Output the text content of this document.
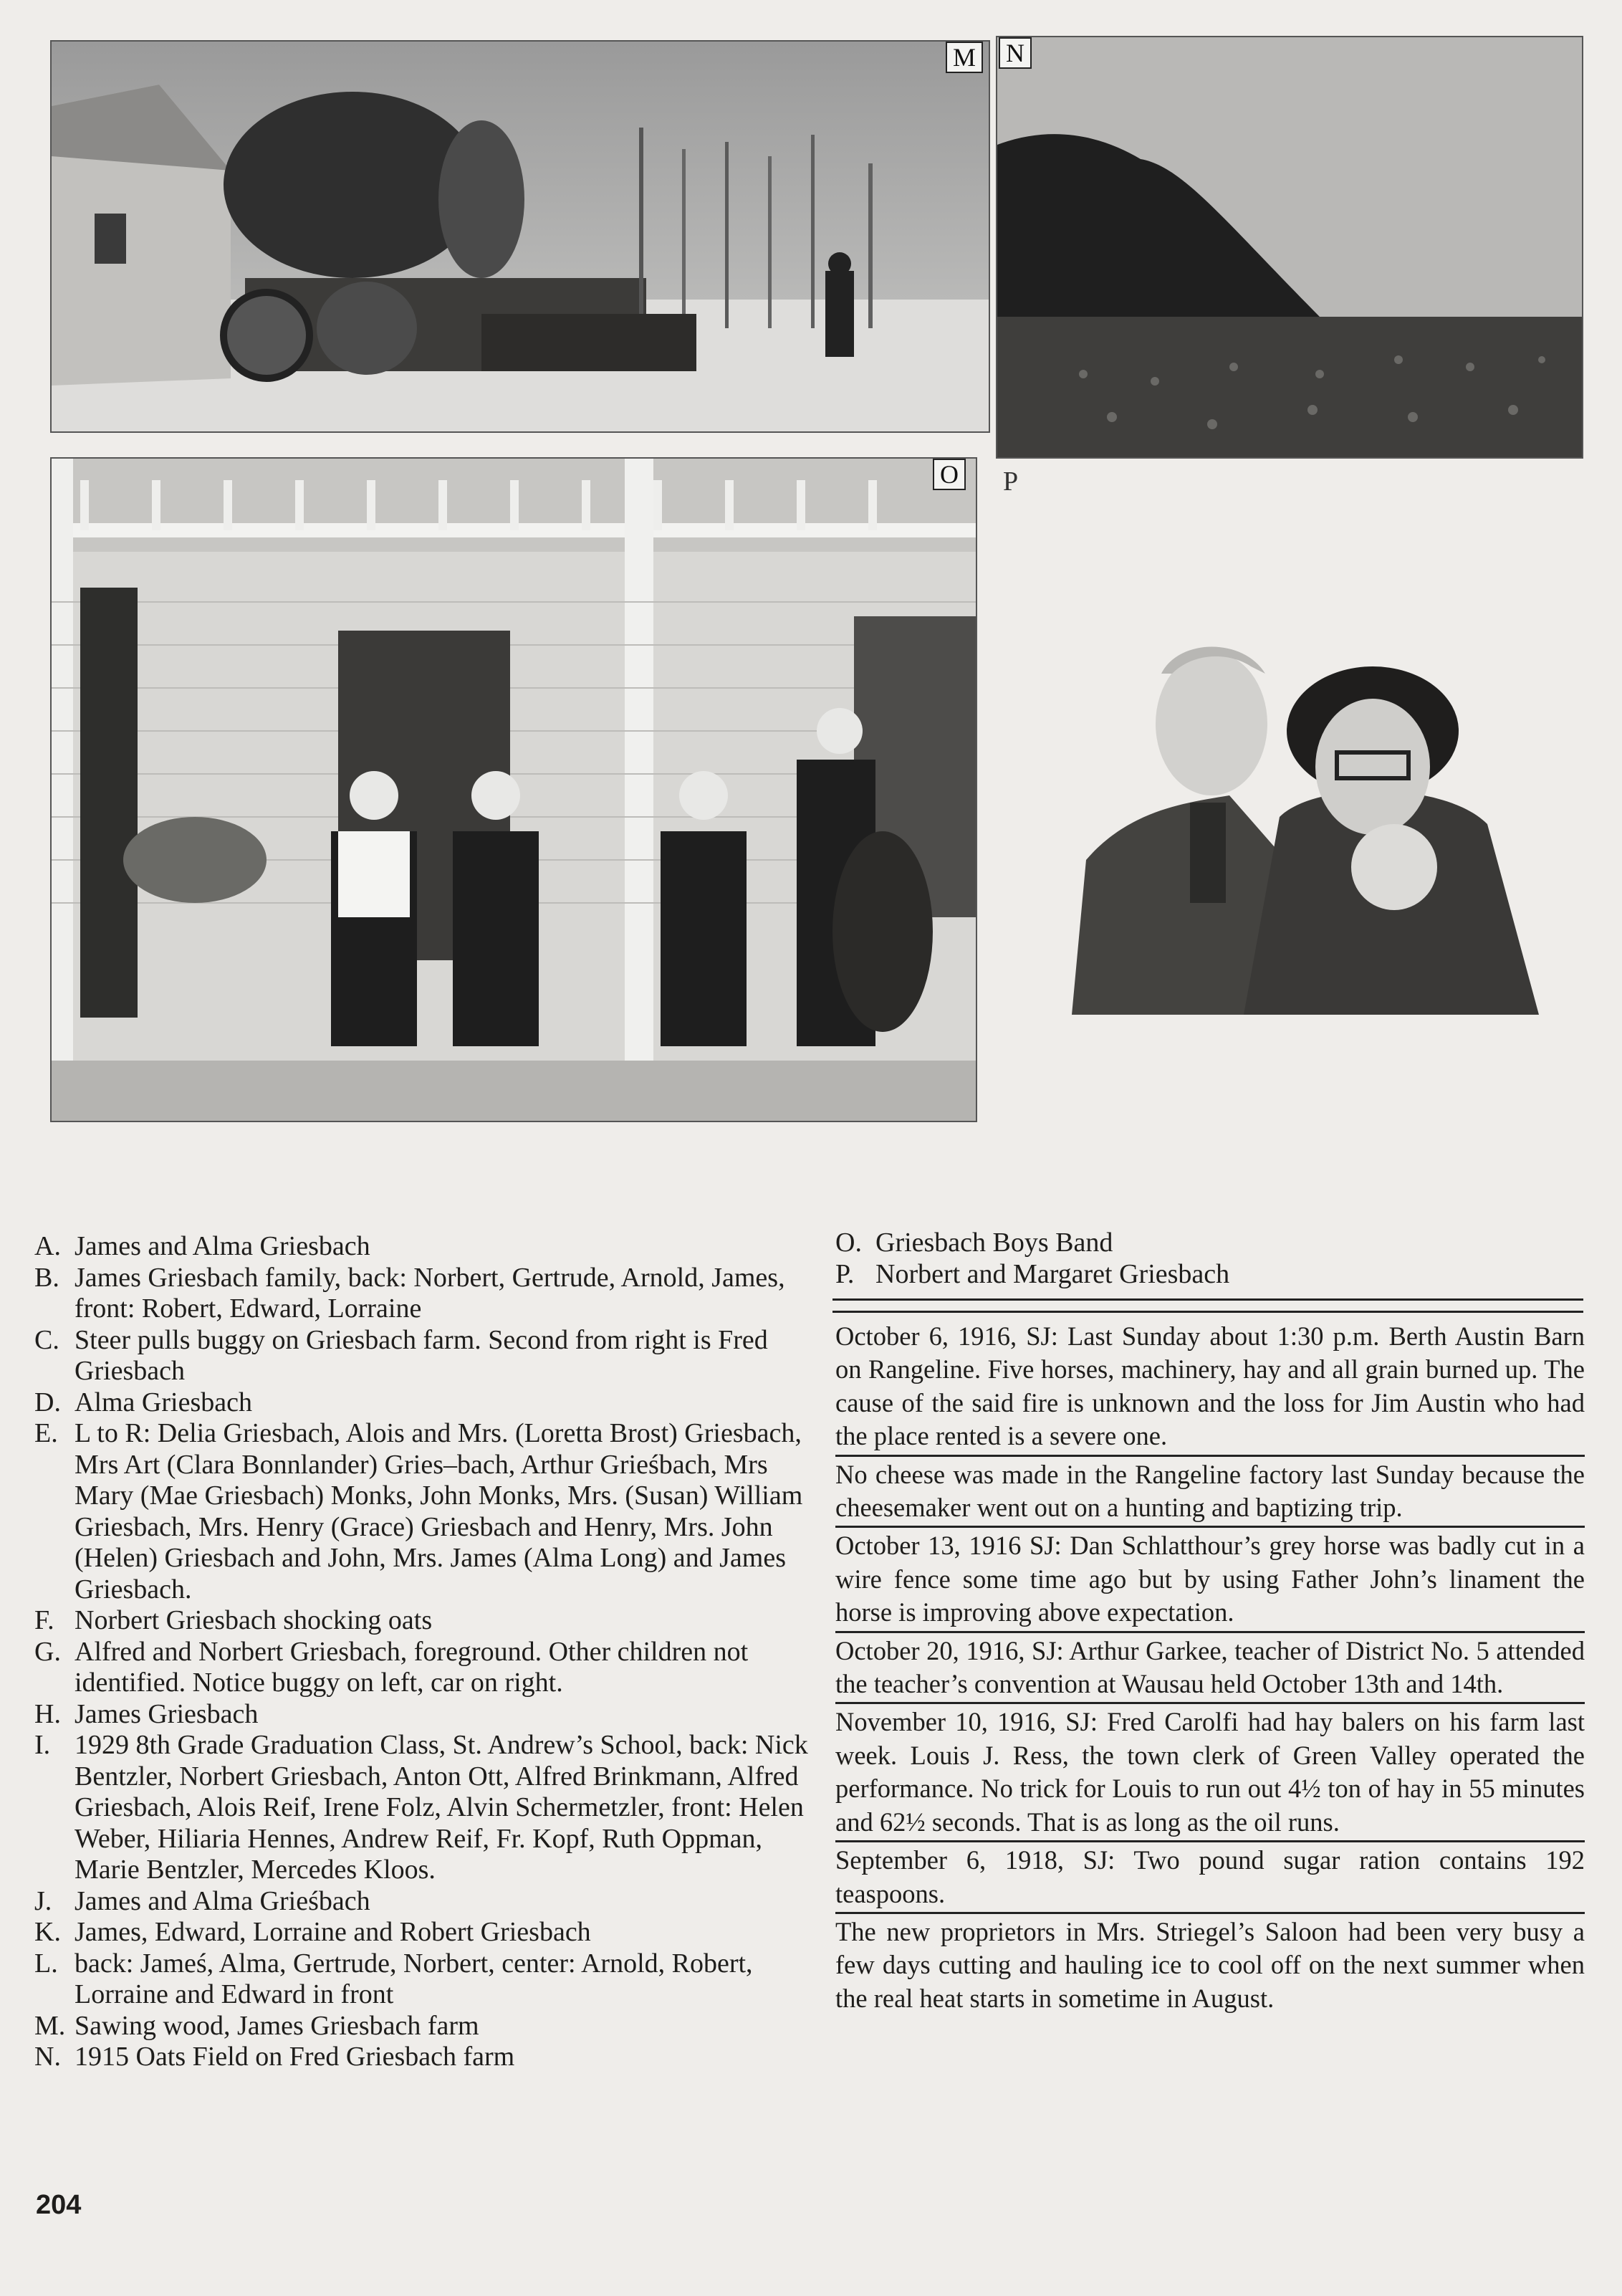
M N
O P
A. James and Alma Griesbach
B. James Griesbach family, back: Norbert, Gertrude, Arnold, James, front: Robert, Edward, Lorraine
C. Steer pulls buggy on Griesbach farm. Second from right is Fred Griesbach
D. Alma Griesbach
E. L to R: Delia Griesbach, Alois and Mrs. (Loretta Brost) Griesbach, Mrs Art (Clara Bonnlander) Gries–bach, Arthur Grieśbach, Mrs Mary (Mae Griesbach) Monks, John Monks, Mrs. (Susan) William Griesbach, Mrs. Henry (Grace) Griesbach and Henry, Mrs. John (Helen) Griesbach and John, Mrs. James (Alma Long) and James Griesbach.
F. Norbert Griesbach shocking oats
G. Alfred and Norbert Griesbach, foreground. Other children not identified. Notice buggy on left, car on right.
H. James Griesbach
I. 1929 8th Grade Graduation Class, St. Andrew’s School, back: Nick Bentzler, Norbert Griesbach, Anton Ott, Alfred Brinkmann, Alfred Griesbach, Alois Reif, Irene Folz, Alvin Schermetzler, front: Helen Weber, Hiliaria Hennes, Andrew Reif, Fr. Kopf, Ruth Oppman, Marie Bentzler, Mercedes Kloos.
J. James and Alma Grieśbach
K. James, Edward, Lorraine and Robert Griesbach
L. back: Jameś, Alma, Gertrude, Norbert, center: Arnold, Robert, Lorraine and Edward in front
M. Sawing wood, James Griesbach farm
N. 1915 Oats Field on Fred Griesbach farm
O. Griesbach Boys Band
P. Norbert and Margaret Griesbach

October 6, 1916, SJ: Last Sunday about 1:30 p.m. Berth Austin Barn on Rangeline. Five horses, machinery, hay and all grain burned up. The cause of the said fire is unknown and the loss for Jim Austin who had the place rented is a severe one.

No cheese was made in the Rangeline factory last Sunday because the cheesemaker went out on a hunting and baptizing trip.

October 13, 1916 SJ: Dan Schlatthour’s grey horse was badly cut in a wire fence some time ago but by using Father John’s linament the horse is improving above expectation.

October 20, 1916, SJ: Arthur Garkee, teacher of District No. 5 attended the teacher’s convention at Wausau held October 13th and 14th.

November 10, 1916, SJ: Fred Carolfi had hay balers on his farm last week. Louis J. Ress, the town clerk of Green Valley operated the performance. No trick for Louis to run out 4½ ton of hay in 55 minutes and 62½ seconds. That is as long as the oil runs.

September 6, 1918, SJ: Two pound sugar ration contains 192 teaspoons.

The new proprietors in Mrs. Striegel’s Saloon had been very busy a few days cutting and hauling ice to cool off on the next summer when the real heat starts in sometime in August.

204
